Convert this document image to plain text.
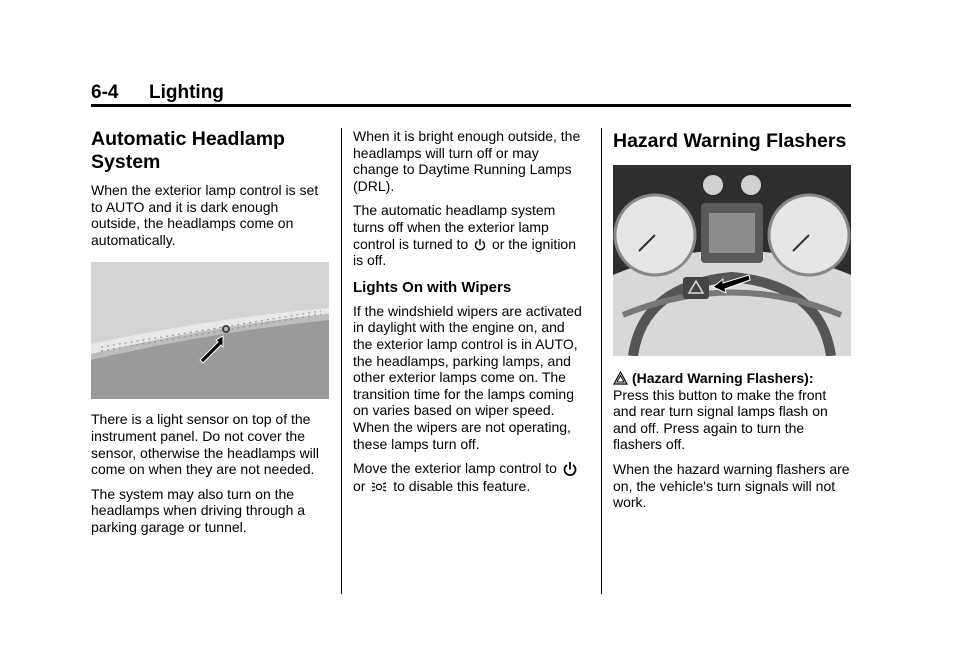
6-4 Lighting
Automatic Headlamp System

When the exterior lamp control is set to AUTO and it is dark enough outside, the headlamps come on automatically.

There is a light sensor on top of the instrument panel. Do not cover the sensor, otherwise the headlamps will come on when they are not needed.

The system may also turn on the headlamps when driving through a parking garage or tunnel.

When it is bright enough outside, the headlamps will turn off or may change to Daytime Running Lamps (DRL).

The automatic headlamp system turns off when the exterior lamp control is turned to or the ignition is off.

Lights On with Wipers

If the windshield wipers are activated in daylight with the engine on, and the exterior lamp control is in AUTO, the headlamps, parking lamps, and other exterior lamps come on. The transition time for the lamps coming on varies based on wiper speed. When the wipers are not operating, these lamps turn off.

Move the exterior lamp control to
or to disable this feature.

Hazard Warning Flashers

(Hazard Warning Flashers):
Press this button to make the front and rear turn signal lamps flash on and off. Press again to turn the flashers off.

When the hazard warning flashers are on, the vehicle's turn signals will not work.
